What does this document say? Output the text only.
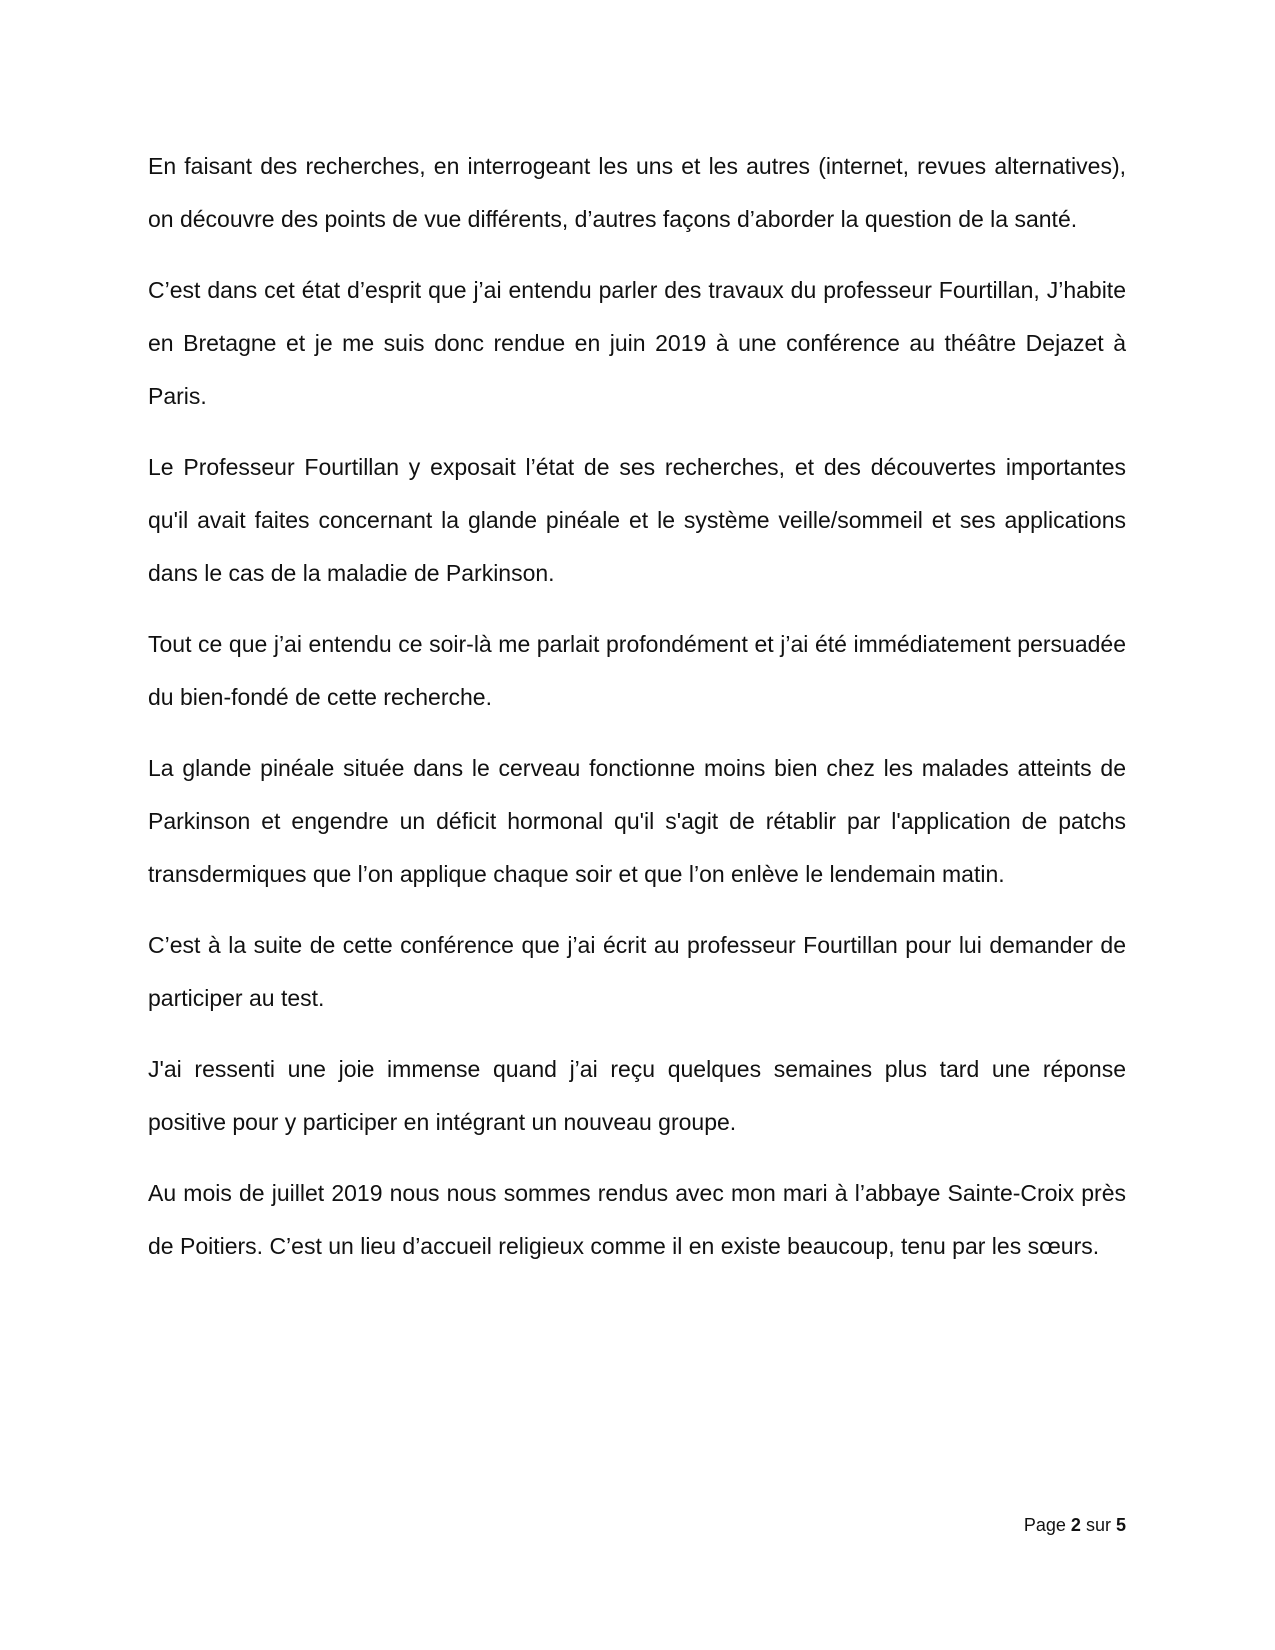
En faisant des recherches, en interrogeant les uns et les autres (internet, revues alternatives), on découvre des points de vue différents, d’autres façons d’aborder la question de la santé.

C’est dans cet état d’esprit que j’ai entendu parler des travaux du professeur Fourtillan, J’habite en Bretagne et je me suis donc rendue en juin 2019 à une conférence au théâtre Dejazet à Paris.

Le Professeur Fourtillan y exposait l’état de ses recherches, et des découvertes importantes qu'il avait faites concernant la glande pinéale et le système veille/sommeil et ses applications dans le cas de la maladie de Parkinson.

Tout ce que j’ai entendu ce soir-là me parlait profondément et j’ai été immédiatement persuadée du bien-fondé de cette recherche.

La glande pinéale située dans le cerveau fonctionne moins bien chez les malades atteints de Parkinson et engendre un déficit hormonal qu'il s'agit de rétablir par l'application de patchs transdermiques que l’on applique chaque soir et que l’on enlève le lendemain matin.

C’est à la suite de cette conférence que j’ai écrit au professeur Fourtillan pour lui demander de participer au test.

J'ai ressenti une joie immense quand j’ai reçu quelques semaines plus tard une réponse positive pour y participer en intégrant un nouveau groupe.

Au mois de juillet 2019 nous nous sommes rendus avec mon mari à l’abbaye Sainte-Croix près de Poitiers. C’est un lieu d’accueil religieux comme il en existe beaucoup, tenu par les sœurs.

Page 2 sur 5
